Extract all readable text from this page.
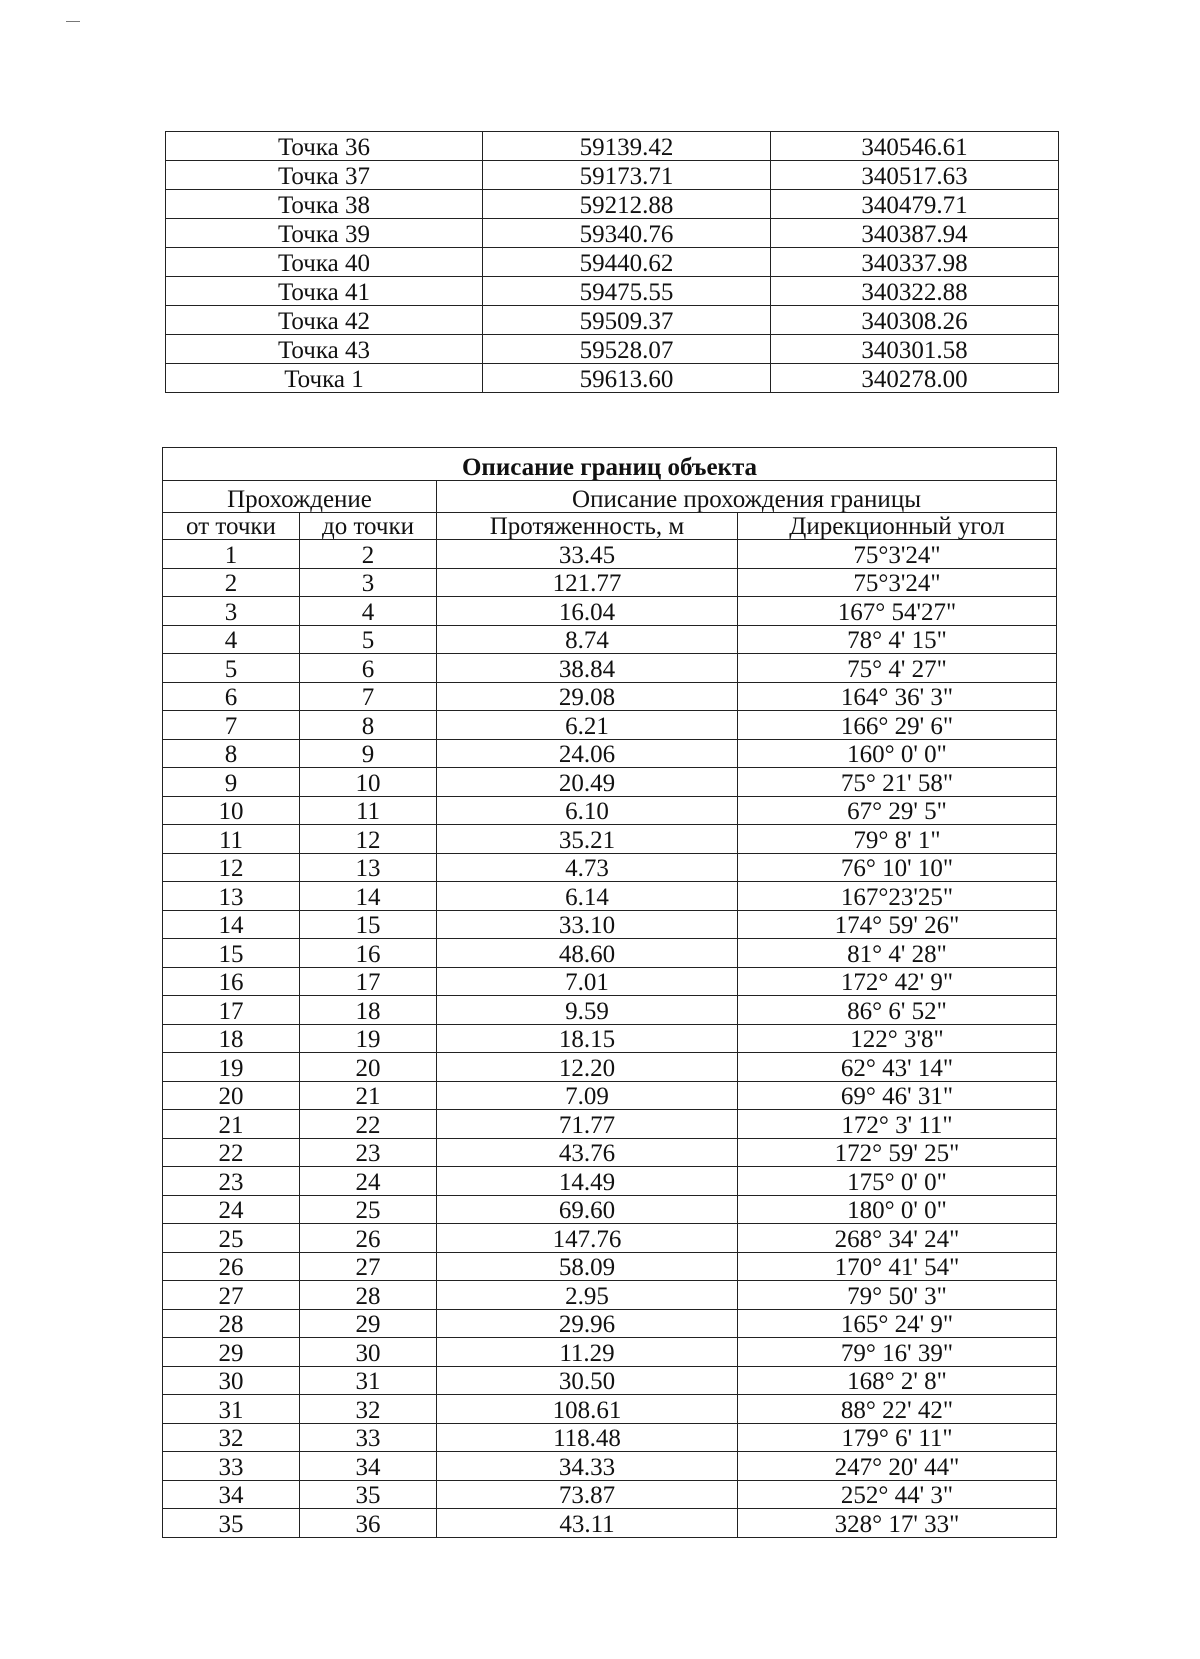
Точка 36	59139.42	340546.61
Точка 37	59173.71	340517.63
Точка 38	59212.88	340479.71
Точка 39	59340.76	340387.94
Точка 40	59440.62	340337.98
Точка 41	59475.55	340322.88
Точка 42	59509.37	340308.26
Точка 43	59528.07	340301.58
Точка 1	59613.60	340278.00
Описание границ объекта			
Прохождение		Описание прохождения границы	
от точки	до точки	Протяженность, м	Дирекционный угол
1	2	33.45	75°3'24"
2	3	121.77	75°3'24"
3	4	16.04	167° 54'27"
4	5	8.74	78° 4' 15"
5	6	38.84	75° 4' 27"
6	7	29.08	164° 36' 3"
7	8	6.21	166° 29' 6"
8	9	24.06	160° 0' 0"
9	10	20.49	75° 21' 58"
10	11	6.10	67° 29' 5"
11	12	35.21	79° 8' 1"
12	13	4.73	76° 10' 10"
13	14	6.14	167°23'25"
14	15	33.10	174° 59' 26"
15	16	48.60	81° 4' 28"
16	17	7.01	172° 42' 9"
17	18	9.59	86° 6' 52"
18	19	18.15	122° 3'8"
19	20	12.20	62° 43' 14"
20	21	7.09	69° 46' 31"
21	22	71.77	172° 3' 11"
22	23	43.76	172° 59' 25"
23	24	14.49	175° 0' 0"
24	25	69.60	180° 0' 0"
25	26	147.76	268° 34' 24"
26	27	58.09	170° 41' 54"
27	28	2.95	79° 50' 3"
28	29	29.96	165° 24' 9"
29	30	11.29	79° 16' 39"
30	31	30.50	168° 2' 8"
31	32	108.61	88° 22' 42"
32	33	118.48	179° 6' 11"
33	34	34.33	247° 20' 44"
34	35	73.87	252° 44' 3"
35	36	43.11	328° 17' 33"
